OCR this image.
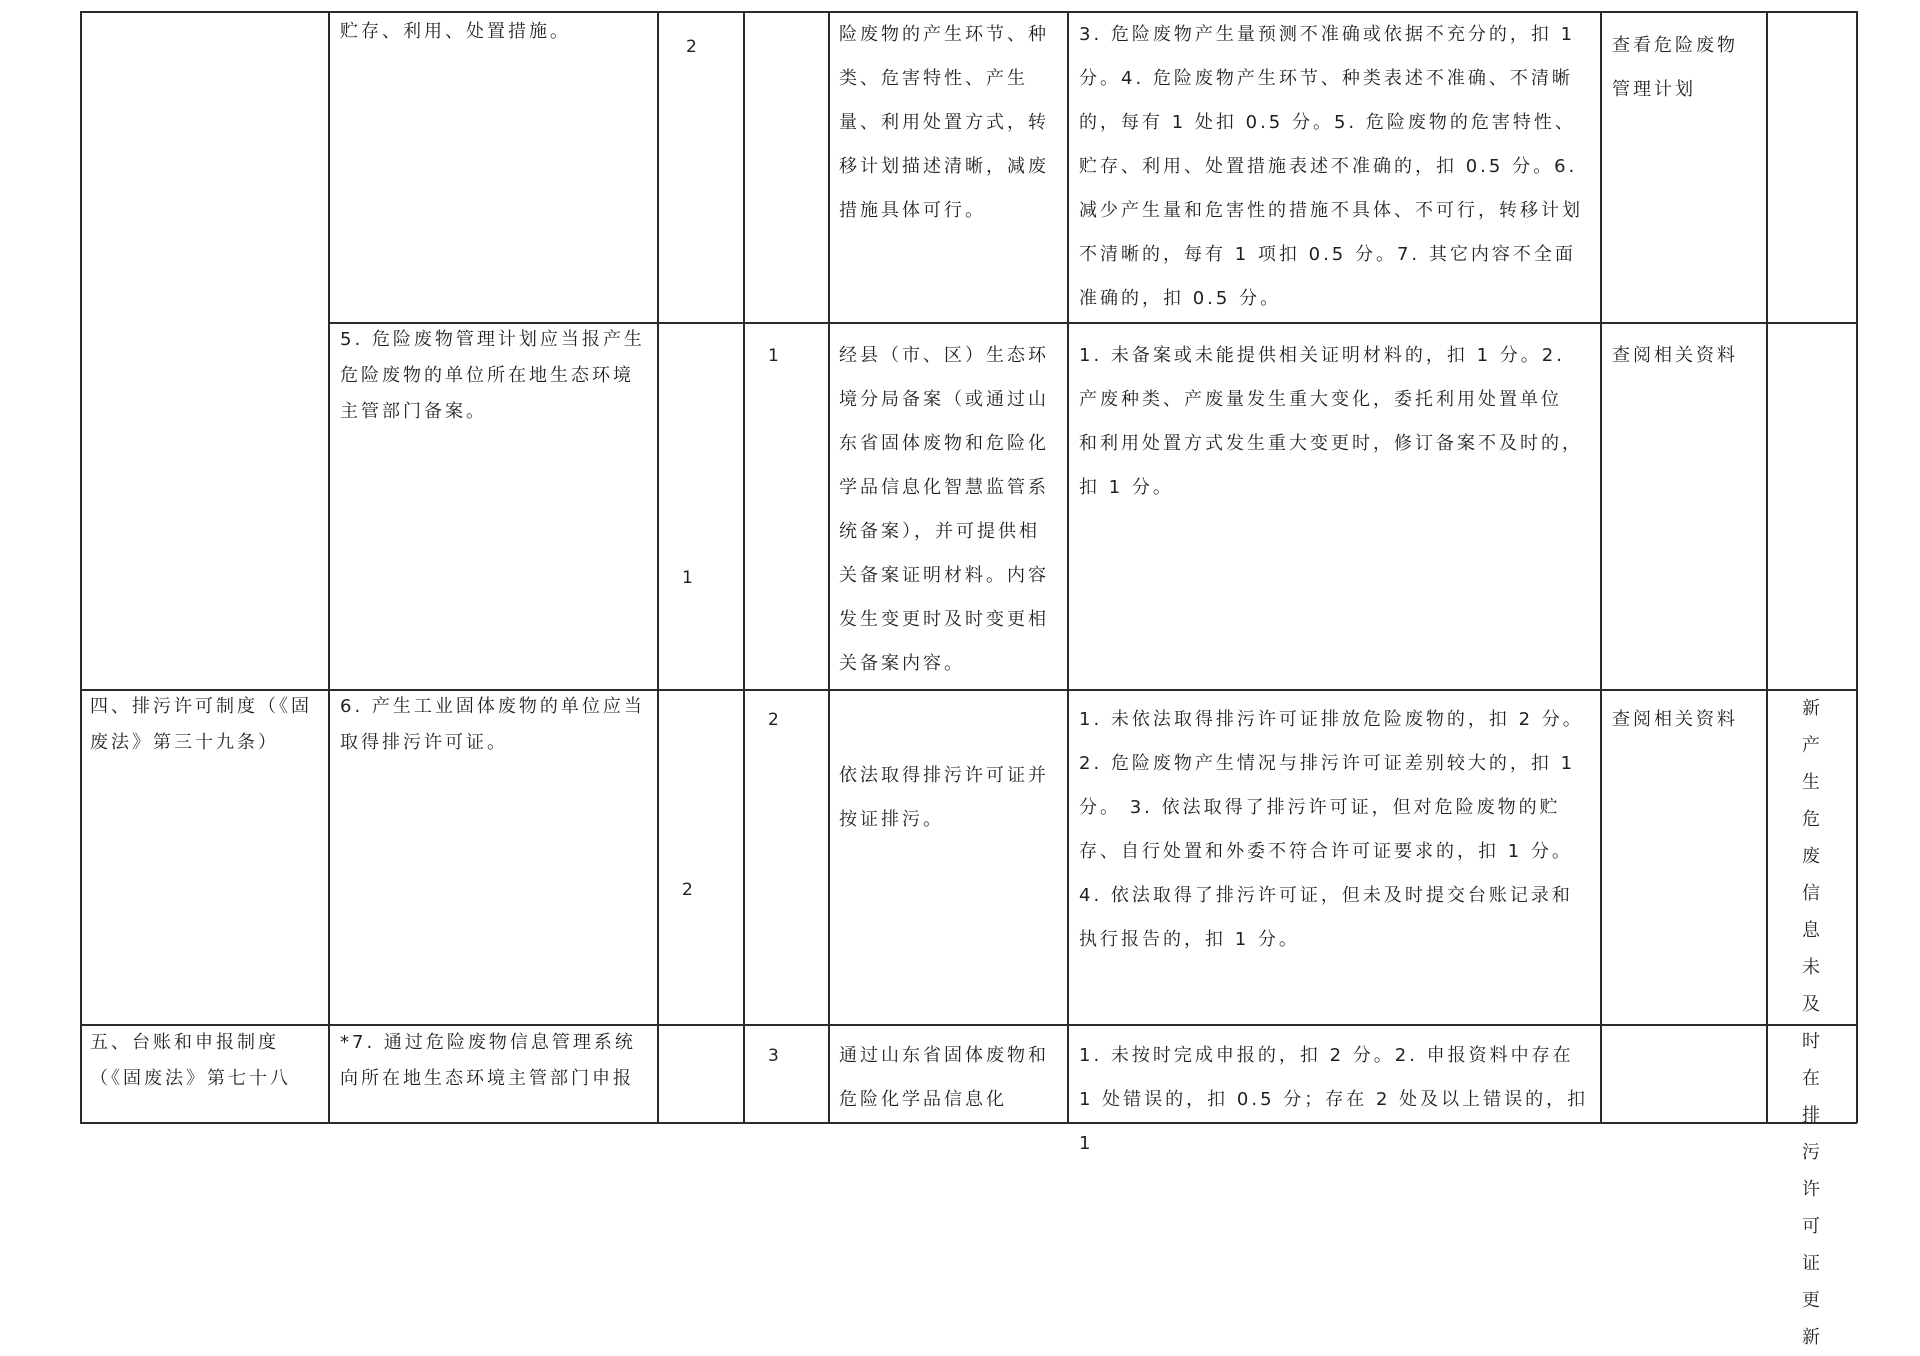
贮存、利用、处置措施。
2
险废物的产生环节、种类、危害特性、产生量、利用处置方式，转移计划描述清晰，减废措施具体可行。
3. 危险废物产生量预测不准确或依据不充分的，扣 1 分。4. 危险废物产生环节、种类表述不准确、不清晰的，每有 1 处扣 0.5 分。5. 危险废物的危害特性、贮存、利用、处置措施表述不准确的，扣 0.5 分。6. 减少产生量和危害性的措施不具体、不可行，转移计划不清晰的，每有 1 项扣 0.5 分。7. 其它内容不全面准确的，扣 0.5 分。
查看危险废物管理计划
5. 危险废物管理计划应当报产生危险废物的单位所在地生态环境主管部门备案。
1
1
经县（市、区）生态环境分局备案（或通过山东省固体废物和危险化学品信息化智慧监管系统备案），并可提供相关备案证明材料。内容发生变更时及时变更相关备案内容。
1. 未备案或未能提供相关证明材料的，扣 1 分。2. 产废种类、产废量发生重大变化，委托利用处置单位 和利用处置方式发生重大变更时，修订备案不及时的，扣 1 分。
查阅相关资料
四、排污许可制度（《固废法》第三十九条）
6. 产生工业固体废物的单位应当取得排污许可证。
2
2
依法取得排污许可证并按证排污。
1. 未依法取得排污许可证排放危险废物的，扣 2 分。2. 危险废物产生情况与排污许可证差别较大的，扣 1 分。 3. 依法取得了排污许可证，但对危险废物的贮存、自行处置和外委不符合许可证要求的，扣 1 分。4. 依法取得了排污许可证，但未及时提交台账记录和执行报告的，扣 1 分。
查阅相关资料
新产生危废信息未及时在排污许可证更新
五、台账和申报制度（《固废法》第七十八
*7. 通过危险废物信息管理系统向所在地生态环境主管部门申报
3	通过山东省固体废物和危险化学品信息化
1. 未按时完成申报的，扣 2 分。2. 申报资料中存在 1 处错误的，扣 0.5 分；存在 2 处及以上错误的，扣 1
